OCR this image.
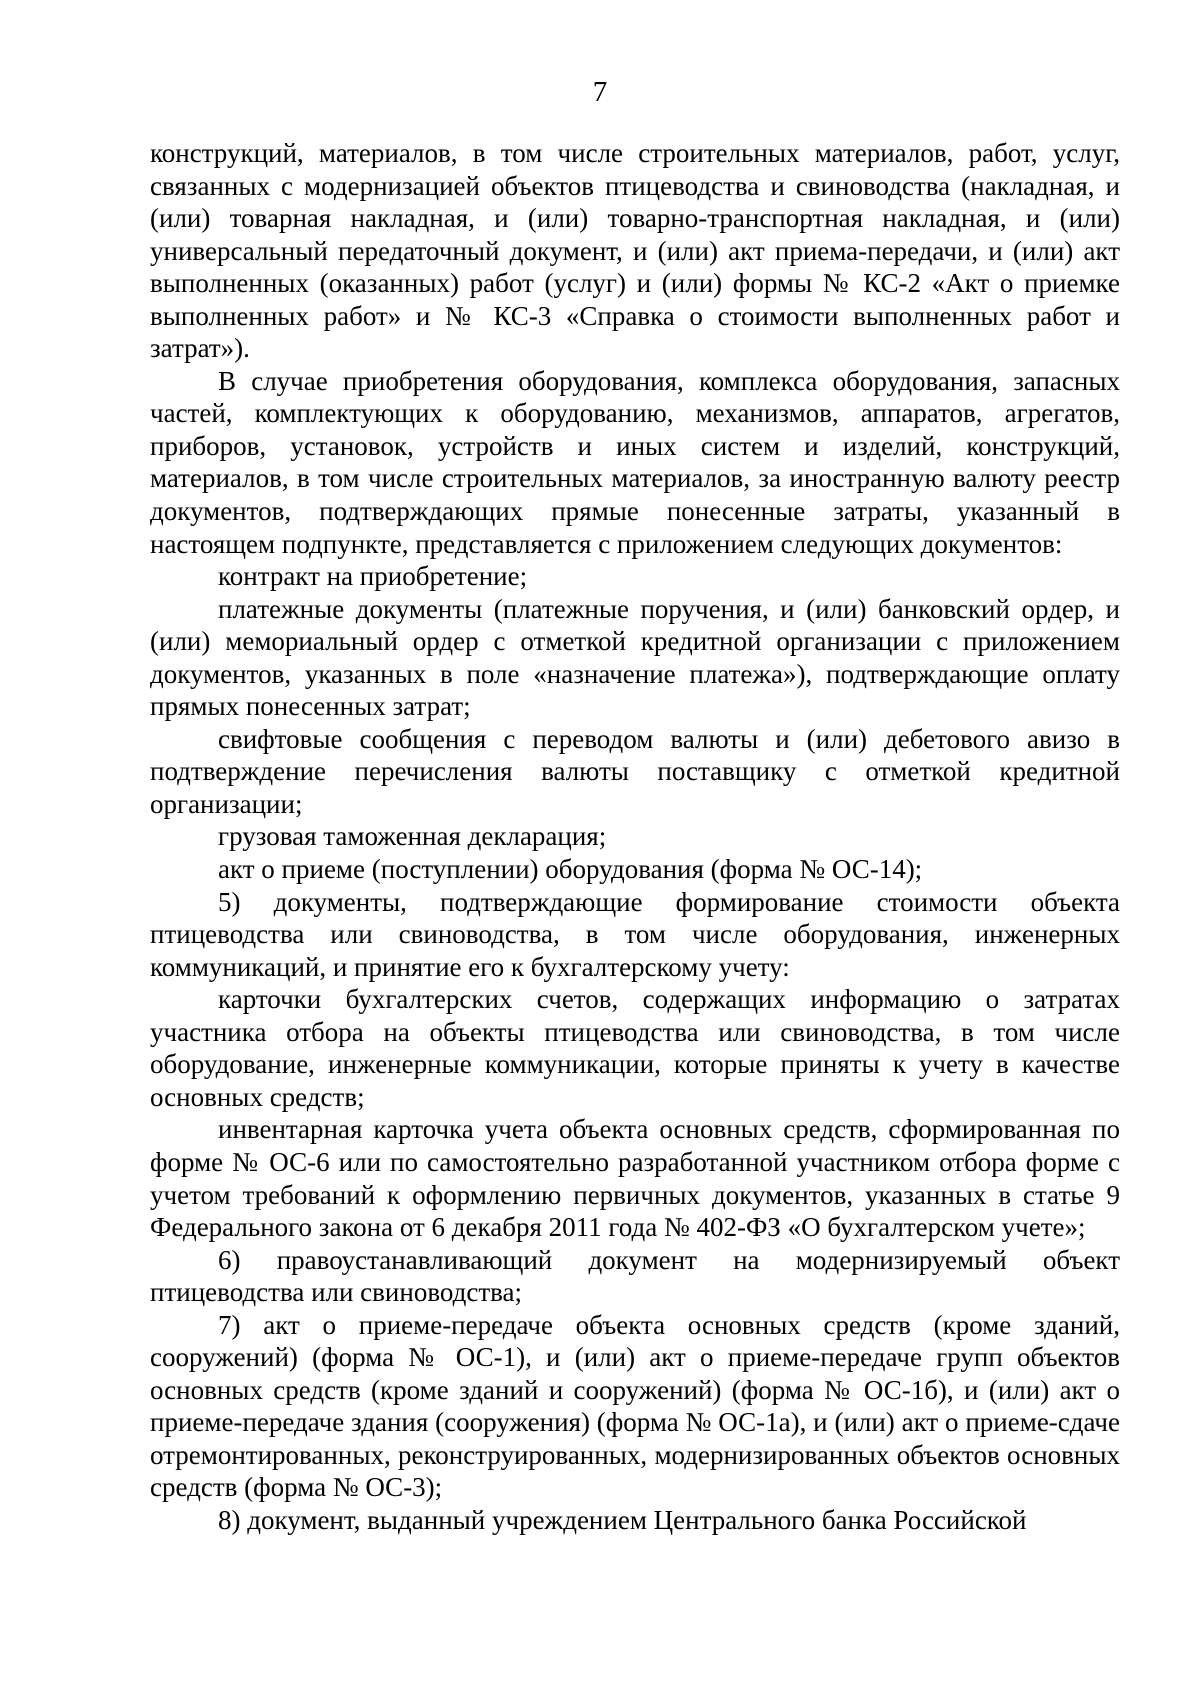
7

конструкций, материалов, в том числе строительных материалов, работ, услуг, связанных с модернизацией объектов птицеводства и свиноводства (накладная, и (или) товарная накладная, и (или) товарно-транспортная накладная, и (или) универсальный передаточный документ, и (или) акт приема-передачи, и (или) акт выполненных (оказанных) работ (услуг) и (или) формы № КС-2 «Акт о приемке выполненных работ» и № КС-3 «Справка о стоимости выполненных работ и затрат»).

В случае приобретения оборудования, комплекса оборудования, запасных частей, комплектующих к оборудованию, механизмов, аппаратов, агрегатов, приборов, установок, устройств и иных систем и изделий, конструкций, материалов, в том числе строительных материалов, за иностранную валюту реестр документов, подтверждающих прямые понесенные затраты, указанный в настоящем подпункте, представляется с приложением следующих документов:

контракт на приобретение;

платежные документы (платежные поручения, и (или) банковский ордер, и (или) мемориальный ордер с отметкой кредитной организации с приложением документов, указанных в поле «назначение платежа»), подтверждающие оплату прямых понесенных затрат;

свифтовые сообщения с переводом валюты и (или) дебетового авизо в подтверждение перечисления валюты поставщику с отметкой кредитной организации;

грузовая таможенная декларация;

акт о приеме (поступлении) оборудования (форма № ОС-14);

5) документы, подтверждающие формирование стоимости объекта птицеводства или свиноводства, в том числе оборудования, инженерных коммуникаций, и принятие его к бухгалтерскому учету:

карточки бухгалтерских счетов, содержащих информацию о затратах участника отбора на объекты птицеводства или свиноводства, в том числе оборудование, инженерные коммуникации, которые приняты к учету в качестве основных средств;

инвентарная карточка учета объекта основных средств, сформированная по форме № ОС-6 или по самостоятельно разработанной участником отбора форме с учетом требований к оформлению первичных документов, указанных в статье 9 Федерального закона от 6 декабря 2011 года № 402-ФЗ «О бухгалтерском учете»;

6) правоустанавливающий документ на модернизируемый объект птицеводства или свиноводства;

7) акт о приеме-передаче объекта основных средств (кроме зданий, сооружений) (форма № ОС-1), и (или) акт о приеме-передаче групп объектов основных средств (кроме зданий и сооружений) (форма № ОС-1б), и (или) акт о приеме-передаче здания (сооружения) (форма № ОС-1а), и (или) акт о приеме-сдаче отремонтированных, реконструированных, модернизированных объектов основных средств (форма № ОС-3);

8) документ, выданный учреждением Центрального банка Российской
